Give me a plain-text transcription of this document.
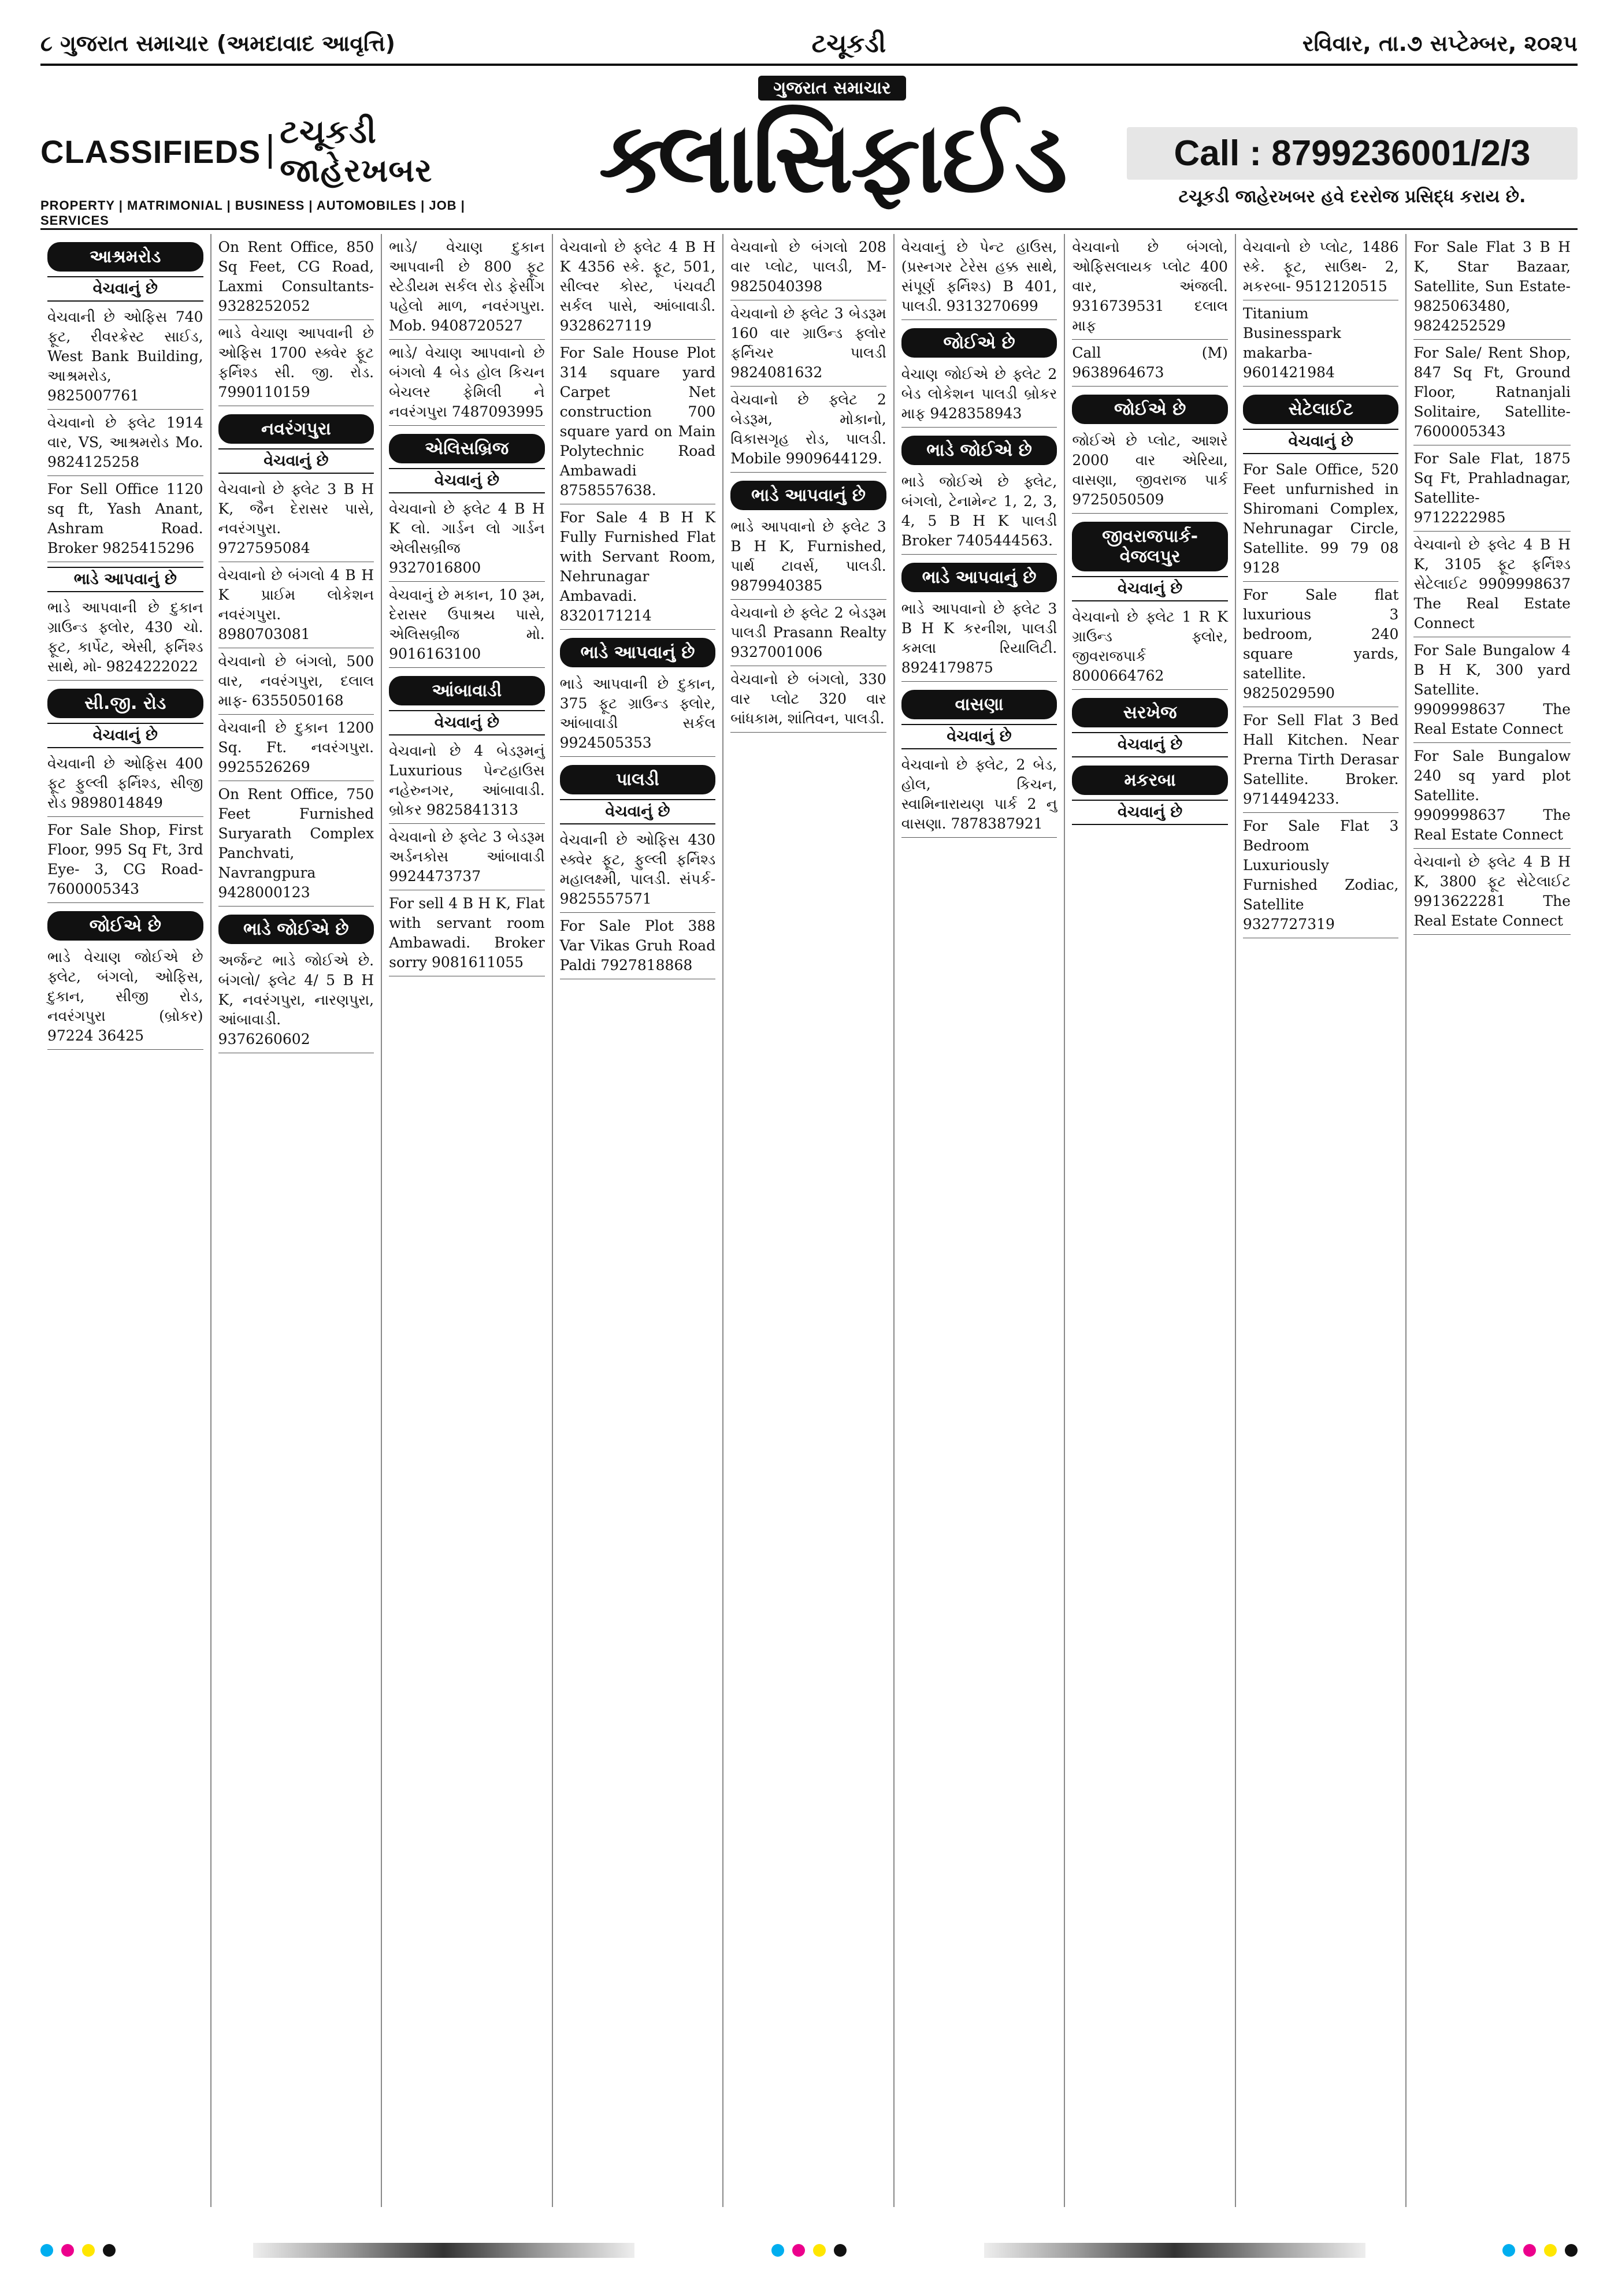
૮ ગુજરાત સમાચાર (અમદાવાદ આવૃત્તિ)	ટચૂકડી	રવિવાર, તા.૭ સપ્ટેમ્બર, ૨૦૨૫
CLASSIFIEDS
ટચૂકડી જાહેરખબર
PROPERTY | MATRIMONIAL | BUSINESS | AUTOMOBILES | JOB | SERVICES
ગુજરાત સમાચાર
ક્લાસિફાઈડ	Call : 8799236001/2/3
ટચૂકડી જાહેરખબર હવે દરરોજ પ્રસિદ્ધ કરાય છે.
આશ્રમરોડ
વેચવાનું છે
વેચવાની છે ઓફિસ 740 ફૂટ, રીવરક્રેસ્ટ સાઈડ, West Bank Building, આશ્રમરોડ, 9825007761
વેચવાનો છે ફ્લેટ 1914 વાર, VS, આશ્રમરોડ Mo. 9824125258
For Sell Office 1120 sq ft, Yash Anant, Ashram Road. Broker 9825415296
ભાડે આપવાનું છે
ભાડે આપવાની છે દુકાન ગ્રાઉન્ડ ફ્લોર, 430 ચો. ફૂટ, કાર્પેટ, એસી, ફર્નિશ્ડ સાથે, મો- 9824222022
સી.જી. રોડ
વેચવાનું છે
વેચવાની છે ઓફિસ 400 ફૂટ ફુલ્લી ફર્નિશ્ડ, સીજી રોડ 9898014849
For Sale Shop, First Floor, 995 Sq Ft, 3rd Eye- 3, CG Road- 7600005343
જોઈએ છે
ભાડે વેચાણ જોઈએ છે ફ્લેટ, બંગલો, ઓફિસ, દુકાન, સીજી રોડ, નવરંગપુરા (બ્રોકર) 97224 36425
On Rent Office, 850 Sq Feet, CG Road, Laxmi Consultants- 9328252052
ભાડે વેચાણ આપવાની છે ઓફિસ 1700 સ્ક્વેર ફૂટ ફર્નિશ્ડ સી. જી. રોડ. 7990110159
નવરંગપુરા
વેચવાનું છે
વેચવાનો છે ફ્લેટ 3 B H K, જૈન દેરાસર પાસે, નવરંગપુરા. 9727595084
વેચવાનો છે બંગલો 4 B H K પ્રાઈમ લોકેશન નવરંગપુરા. 8980703081
વેચવાનો છે બંગલો, 500 વાર, નવરંગપુરા, દલાલ માફ- 6355050168
વેચવાની છે દુકાન 1200 Sq. Ft. નવરંગપુરા. 9925526269
On Rent Office, 750 Feet Furnished Suryarath Complex Panchvati, Navrangpura 9428000123
ભાડે જોઈએ છે
અર્જન્ટ ભાડે જોઈએ છે. બંગલો/ ફ્લેટ 4/ 5 B H K, નવરંગપુરા, નારણપુરા, આંબાવાડી. 9376260602
ભાડે/ વેચાણ દુકાન આપવાની છે 800 ફૂટ સ્ટેડીયમ સર્કલ રોડ ફેસીંગ પહેલો માળ, નવરંગપુરા. Mob. 9408720527
ભાડે/ વેચાણ આપવાનો છે બંગલો 4 બેડ હોલ કિચન બેચલર ફેમિલી ને નવરંગપુરા 7487093995
એલિસબ્રિજ
વેચવાનું છે
વેચવાનો છે ફ્લેટ 4 B H K લો. ગાર્ડન લો ગાર્ડન એલીસબ્રીજ 9327016800
વેચવાનું છે મકાન, 10 રૂમ, દેરાસર ઉપાશ્રય પાસે, એલિસબ્રીજ મો. 9016163100
આંબાવાડી
વેચવાનું છે
વેચવાનો છે 4 બેડરૂમનું Luxurious પેન્ટહાઉસ નહેરુનગર, આંબાવાડી. બ્રોકર 9825841313
વેચવાનો છે ફ્લેટ 3 બેડરૂમ અર્ડનકોસ આંબાવાડી 9924473737
For sell 4 B H K, Flat with servant room Ambawadi. Broker sorry 9081611055
વેચવાનો છે ફ્લેટ 4 B H K 4356 સ્કે. ફૂટ, 501, સીલ્વર કોસ્ટ, પંચવટી સર્કલ પાસે, આંબાવાડી. 9328627119
For Sale House Plot 314 square yard Carpet Net construction 700 square yard on Main Polytechnic Road Ambawadi 8758557638.
For Sale 4 B H K Fully Furnished Flat with Servant Room, Nehrunagar Ambavadi. 8320171214
ભાડે આપવાનું છે
ભાડે આપવાની છે દુકાન, 375 ફૂટ ગ્રાઉન્ડ ફ્લોર, આંબાવાડી સર્કલ 9924505353
પાલડી
વેચવાનું છે
વેચવાની છે ઓફિસ 430 સ્ક્વેર ફૂટ, ફુલ્લી ફર્નિશ્ડ મહાલક્ષ્મી, પાલડી. સંપર્ક- 9825557571
For Sale Plot 388 Var Vikas Gruh Road Paldi 7927818868
વેચવાનો છે બંગલો 208 વાર પ્લોટ, પાલડી, M- 9825040398
વેચવાનો છે ફ્લેટ 3 બેડરૂમ 160 વાર ગ્રાઉન્ડ ફ્લોર ફર્નિચર પાલડી 9824081632
વેચવાનો છે ફ્લેટ 2 બેડરૂમ, મોકાનો, વિકાસગૃહ રોડ, પાલડી. Mobile 9909644129.
ભાડે આપવાનું છે
ભાડે આપવાનો છે ફ્લેટ 3 B H K, Furnished, પાર્થ ટાવર્સ, પાલડી. 9879940385
વેચવાનો છે ફ્લેટ 2 બેડરૂમ પાલડી Prasann Realty 9327001006
વેચવાનો છે બંગલો, 330 વાર પ્લોટ 320 વાર બાંધકામ, શાંતિવન, પાલડી.
વેચવાનું છે પેન્ટ હાઉસ, (પ્રસ્નગર ટેરેસ હક્ક સાથે, સંપૂર્ણ ફર્નિશ્ડ) B 401, પાલડી. 9313270699
જોઈએ છે
વેચાણ જોઈએ છે ફ્લેટ 2 બેડ લોકેશન પાલડી બ્રોકર માફ 9428358943
ભાડે જોઈએ છે
ભાડે જોઈએ છે ફ્લેટ, બંગલો, ટેનામેન્ટ 1, 2, 3, 4, 5 B H K પાલડી Broker 7405444563.
ભાડે આપવાનું છે
ભાડે આપવાનો છે ફ્લેટ 3 B H K કરનીશ, પાલડી કમલા રિયાલિટી. 8924179875
વાસણા
વેચવાનું છે
વેચવાનો છે ફ્લેટ, 2 બેડ, હોલ, કિચન, સ્વામિનારાયણ પાર્ક 2 નુ વાસણા. 7878387921
વેચવાનો છે બંગલો, ઓફિસલાયક પ્લોટ 400 વાર, અંજલી. 9316739531 દલાલ માફ
Call (M) 9638964673
જોઈએ છે
જોઈએ છે પ્લોટ, આશરે 2000 વાર એરિયા, વાસણા, જીવરાજ પાર્ક 9725050509
જીવરાજપાર્ક-વેજલપુર
વેચવાનું છે
વેચવાનો છે ફ્લેટ 1 R K ગ્રાઉન્ડ ફ્લોર, જીવરાજપાર્ક 8000664762
સરખેજ
વેચવાનું છે
મકરબા
વેચવાનું છે
વેચવાનો છે પ્લોટ, 1486 સ્કે. ફૂટ, સાઉથ- 2, મકરબા- 9512120515
Titanium Businesspark makarba- 9601421984
સેટેલાઈટ
વેચવાનું છે
For Sale Office, 520 Feet unfurnished in Shiromani Complex, Nehrunagar Circle, Satellite. 99 79 08 9128
For Sale flat luxurious 3 bedroom, 240 square yards, satellite. 9825029590
For Sell Flat 3 Bed Hall Kitchen. Near Prerna Tirth Derasar Satellite. Broker. 9714494233.
For Sale Flat 3 Bedroom Luxuriously Furnished Zodiac, Satellite 9327727319
For Sale Flat 3 B H K, Star Bazaar, Satellite, Sun Estate- 9825063480, 9824252529
For Sale/ Rent Shop, 847 Sq Ft, Ground Floor, Ratnanjali Solitaire, Satellite- 7600005343
For Sale Flat, 1875 Sq Ft, Prahladnagar, Satellite- 9712222985
વેચવાનો છે ફ્લેટ 4 B H K, 3105 ફૂટ ફર્નિશ્ડ સેટેલાઈટ 9909998637 The Real Estate Connect
For Sale Bungalow 4 B H K, 300 yard Satellite. 9909998637 The Real Estate Connect
For Sale Bungalow 240 sq yard plot Satellite. 9909998637 The Real Estate Connect
વેચવાનો છે ફ્લેટ 4 B H K, 3800 ફૂટ સેટેલાઈટ 9913622281 The Real Estate Connect
